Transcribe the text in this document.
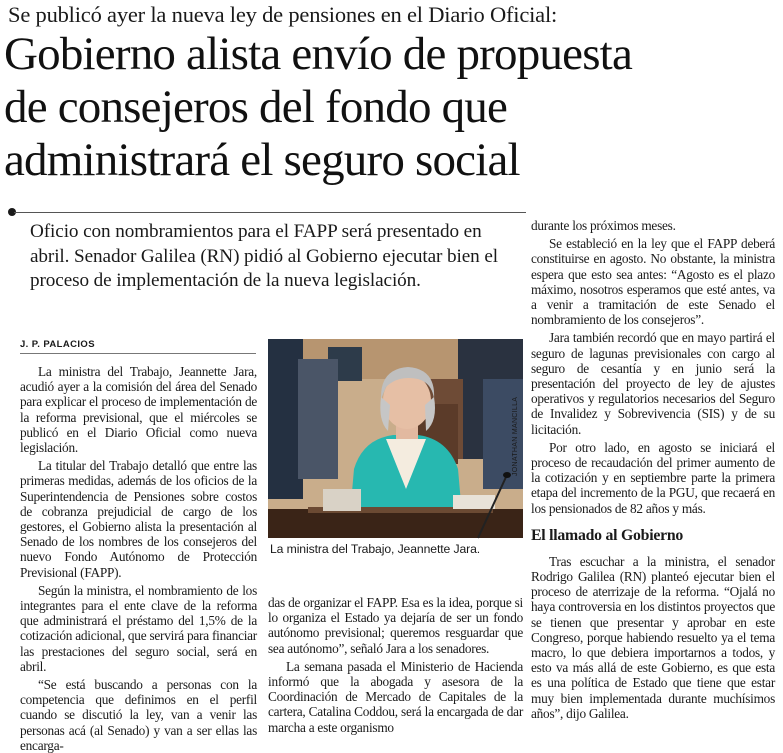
Se publicó ayer la nueva ley de pensiones en el Diario Oficial:
Gobierno alista envío de propuesta
de consejeros del fondo que
administrará el seguro social
Oficio con nombramientos para el FAPP será presentado en abril. Senador Galilea (RN) pidió al Gobierno ejecutar bien el proceso de implementación de la nueva legislación.
J. P. PALACIOS

La ministra del Trabajo, Jeannette Jara, acudió ayer a la comisión del área del Senado para explicar el proceso de implementación de la reforma previsional, que el miércoles se publicó en el Diario Oficial como nueva legislación.

La titular del Trabajo detalló que entre las primeras medidas, además de los oficios de la Superintendencia de Pensiones sobre costos de cobranza prejudicial de cargo de los gestores, el Gobierno alista la presentación al Senado de los nombres de los consejeros del nuevo Fondo Autónomo de Protección Previsional (FAPP).

Según la ministra, el nombramiento de los integrantes para el ente clave de la reforma que administrará el préstamo del 1,5% de la cotización adicional, que servirá para financiar las prestaciones del seguro social, será en abril.

“Se está buscando a personas con la competencia que definimos en el perfil cuando se discutió la ley, van a venir las personas acá (al Senado) y van a ser ellas las encarga-

JONATHAN MANCILLA
La ministra del Trabajo, Jeannette Jara.

das de organizar el FAPP. Esa es la idea, porque si lo organiza el Estado ya dejaría de ser un fondo autónomo previsional; queremos resguardar que sea autónomo”, señaló Jara a los senadores.

La semana pasada el Ministerio de Hacienda informó que la abogada y asesora de la Coordinación de Mercado de Capitales de la cartera, Catalina Coddou, será la encargada de dar marcha a este organismo

durante los próximos meses.

Se estableció en la ley que el FAPP deberá constituirse en agosto. No obstante, la ministra espera que esto sea antes: “Agosto es el plazo máximo, nosotros esperamos que esté antes, va a venir a tramitación de este Senado el nombramiento de los consejeros”.

Jara también recordó que en mayo partirá el seguro de lagunas previsionales con cargo al seguro de cesantía y en junio será la presentación del proyecto de ley de ajustes operativos y regulatorios necesarios del Seguro de Invalidez y Sobrevivencia (SIS) y de su licitación.

Por otro lado, en agosto se iniciará el proceso de recaudación del primer aumento de la cotización y en septiembre parte la primera etapa del incremento de la PGU, que recaerá en los pensionados de 82 años y más.

El llamado al Gobierno

Tras escuchar a la ministra, el senador Rodrigo Galilea (RN) planteó ejecutar bien el proceso de aterrizaje de la reforma. “Ojalá no haya controversia en los distintos proyectos que se tienen que presentar y aprobar en este Congreso, porque habiendo resuelto ya el tema macro, lo que debiera importarnos a todos, y esto va más allá de este Gobierno, es que esta es una política de Estado que tiene que estar muy bien implementada durante muchísimos años”, dijo Galilea.
